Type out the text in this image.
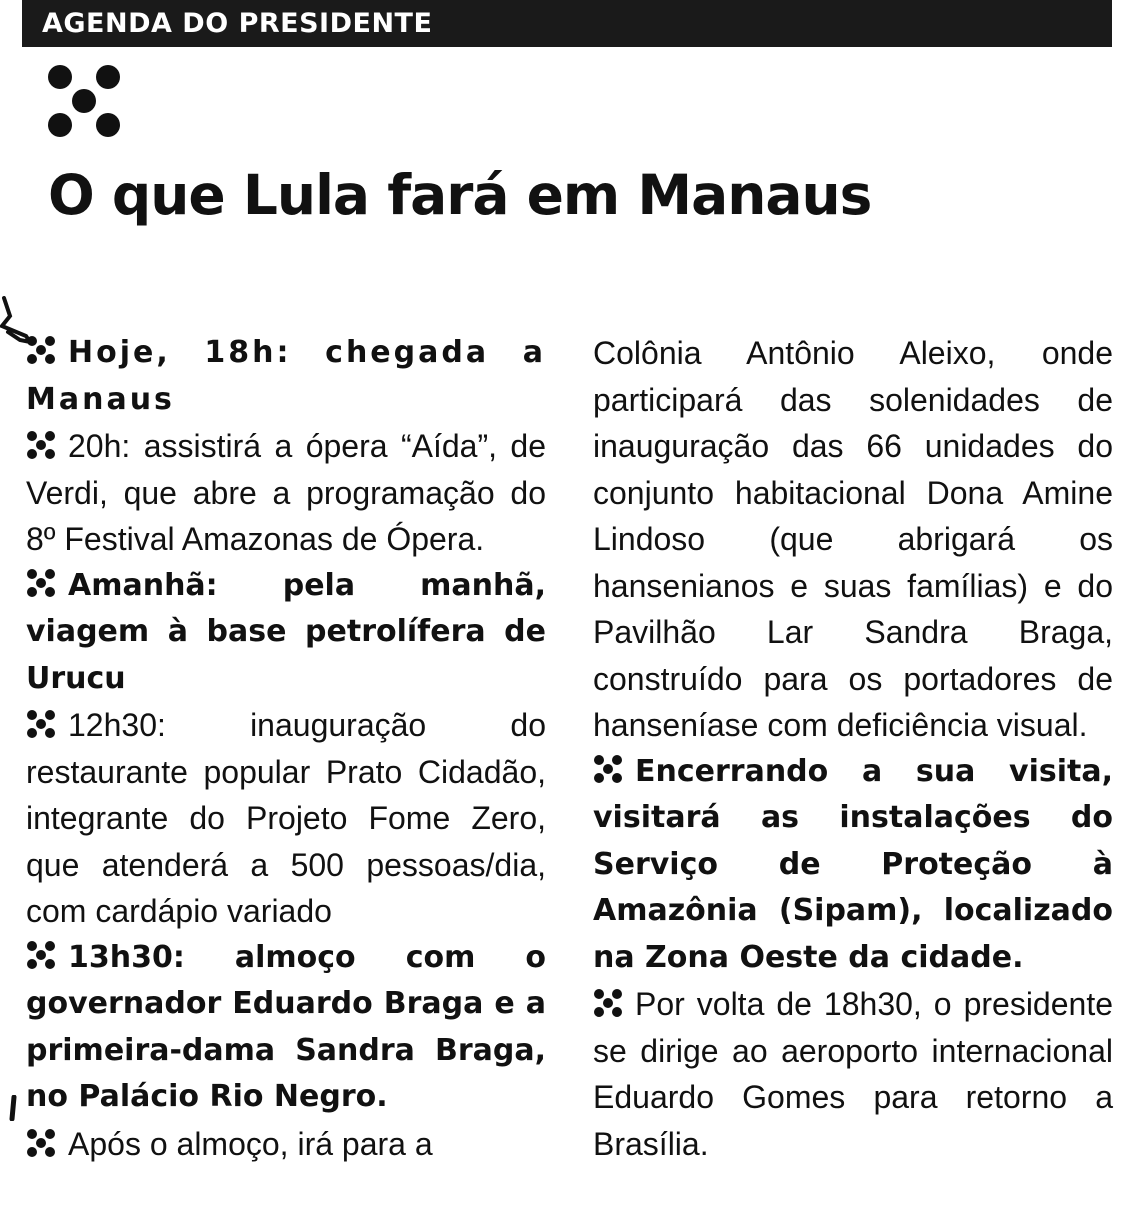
AGENDA DO PRESIDENTE
O que Lula fará em Manaus

Hoje, 18h: chegada a Manaus

20h: assistirá a ópera “Aída”, de Verdi, que abre a programação do 8º Festival Amazonas de Ópera.

Amanhã: pela manhã, viagem à base petrolífera de Urucu

12h30: inauguração do restaurante popular Prato Cidadão, integrante do Projeto Fome Zero, que atenderá a 500 pessoas/dia, com cardápio variado

13h30: almoço com o governador Eduardo Braga e a primeira-dama Sandra Braga, no Palácio Rio Negro.

Após o almoço, irá para a

Colônia Antônio Aleixo, onde participará das solenidades de inauguração das 66 unidades do conjunto habitacional Dona Amine Lindoso (que abrigará os hansenianos e suas famílias) e do Pavilhão Lar Sandra Braga, construído para os portadores de hanseníase com deficiência visual.

Encerrando a sua visita, visitará as instalações do Serviço de Proteção à Amazônia (Sipam), localizado na Zona Oeste da cidade.

Por volta de 18h30, o presidente se dirige ao aeroporto internacional Eduardo Gomes para retorno a Brasília.
